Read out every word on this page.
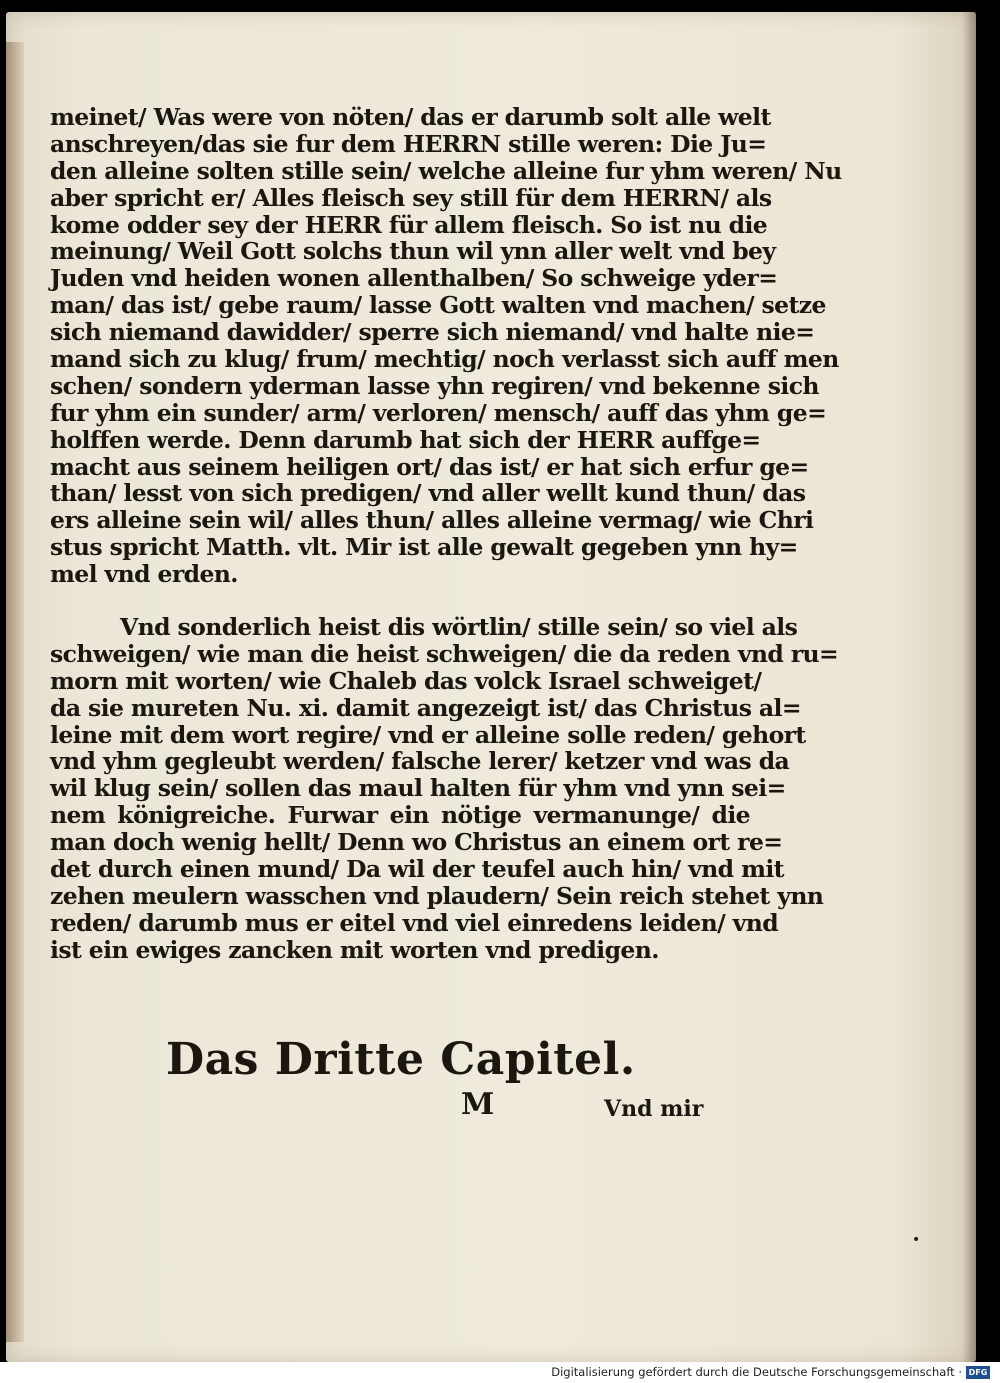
meinet/ Was were von nöten/ das er darumb solt alle welt
anschreyen/das sie fur dem HERRN stille weren: Die Ju=
den alleine solten stille sein/ welche alleine fur yhm weren/ Nu
aber spricht er/ Alles fleisch sey still für dem HERRN/ als
kome odder sey der HERR für allem fleisch. So ist nu die
meinung/ Weil Gott solchs thun wil ynn aller welt vnd bey
Juden vnd heiden wonen allenthalben/ So schweige yder=
man/ das ist/ gebe raum/ lasse Gott walten vnd machen/ setze
sich niemand dawidder/ sperre sich niemand/ vnd halte nie=
mand sich zu klug/ frum/ mechtig/ noch verlasst sich auff men
schen/ sondern yderman lasse yhn regiren/ vnd bekenne sich
fur yhm ein sunder/ arm/ verloren/ mensch/ auff das yhm ge=
holffen werde. Denn darumb hat sich der HERR auffge=
macht aus seinem heiligen ort/ das ist/ er hat sich erfur ge=
than/ lesst von sich predigen/ vnd aller wellt kund thun/ das
ers alleine sein wil/ alles thun/ alles alleine vermag/ wie Chri
stus spricht Matth. vlt. Mir ist alle gewalt gegeben ynn hy=
mel vnd erden.
Vnd sonderlich heist dis wörtlin/ stille sein/ so viel als
schweigen/ wie man die heist schweigen/ die da reden vnd ru=
morn mit worten/ wie Chaleb das volck Israel schweiget/
da sie mureten Nu. xi. damit angezeigt ist/ das Christus al=
leine mit dem wort regire/ vnd er alleine solle reden/ gehort
vnd yhm gegleubt werden/ falsche lerer/ ketzer vnd was da
wil klug sein/ sollen das maul halten für yhm vnd ynn sei=
nem königreiche. Furwar ein nötige vermanunge/ die
man doch wenig hellt/ Denn wo Christus an einem ort re=
det durch einen mund/ Da wil der teufel auch hin/ vnd mit
zehen meulern wasschen vnd plaudern/ Sein reich stehet ynn
reden/ darumb mus er eitel vnd viel einredens leiden/ vnd
ist ein ewiges zancken mit worten vnd predigen.
Das Dritte Capitel.
M	Vnd mir
•
Digitalisierung gefördert durch die Deutsche Forschungsgemeinschaft · DFG
